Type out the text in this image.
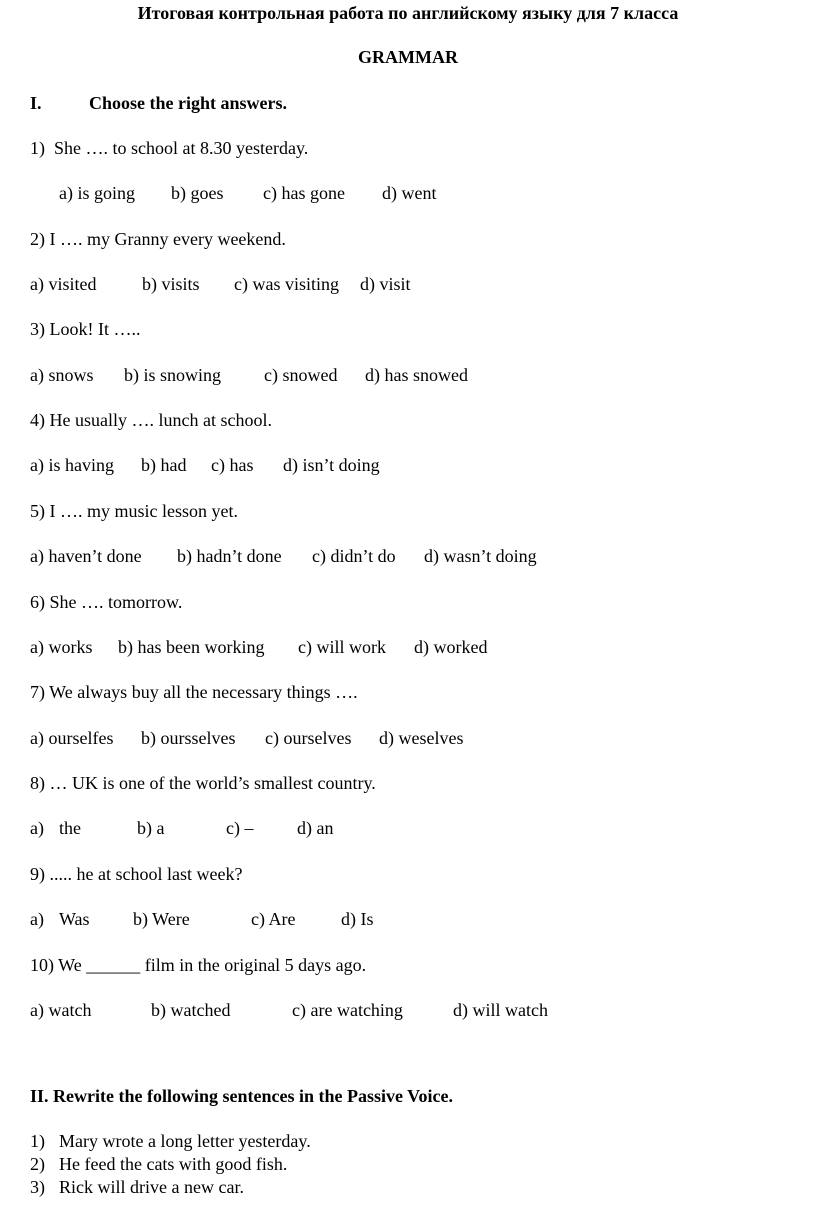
Итоговая контрольная работа по английскому языку для 7 класса
GRAMMAR
I.	Choose the right answers.
1)  She …. to school at 8.30 yesterday.
a) is going b) goes c) has gone d) went
2) I …. my Granny every weekend.
a) visited	b) visits c) was visiting d) visit
3) Look! It …..
a) snows b) is snowing c) snowed d) has snowed
4) He usually …. lunch at school.
a) is having b) had c) has d) isn’t doing
5) I …. my music lesson yet.
a) haven’t done b) hadn’t done c) didn’t do d) wasn’t doing
6) She …. tomorrow.
a) works b) has been working c) will work d) worked
7) We always buy all the necessary things ….
a) ourselfes b) oursselves c) ourselves d) weselves
8) … UK is one of the world’s smallest country.
a) the	b) a	c) – d) an
9) ..... he at school last week?
a) Was b) Were	c) Are	d) Is
10) We ______ film in the original 5 days ago.
a) watch	b) watched	c) are watching	d) will watch
II. Rewrite the following sentences in the Passive Voice.
1) Mary wrote a long letter yesterday.
2) He feed the cats with good fish.
3) Rick will drive a new car.
